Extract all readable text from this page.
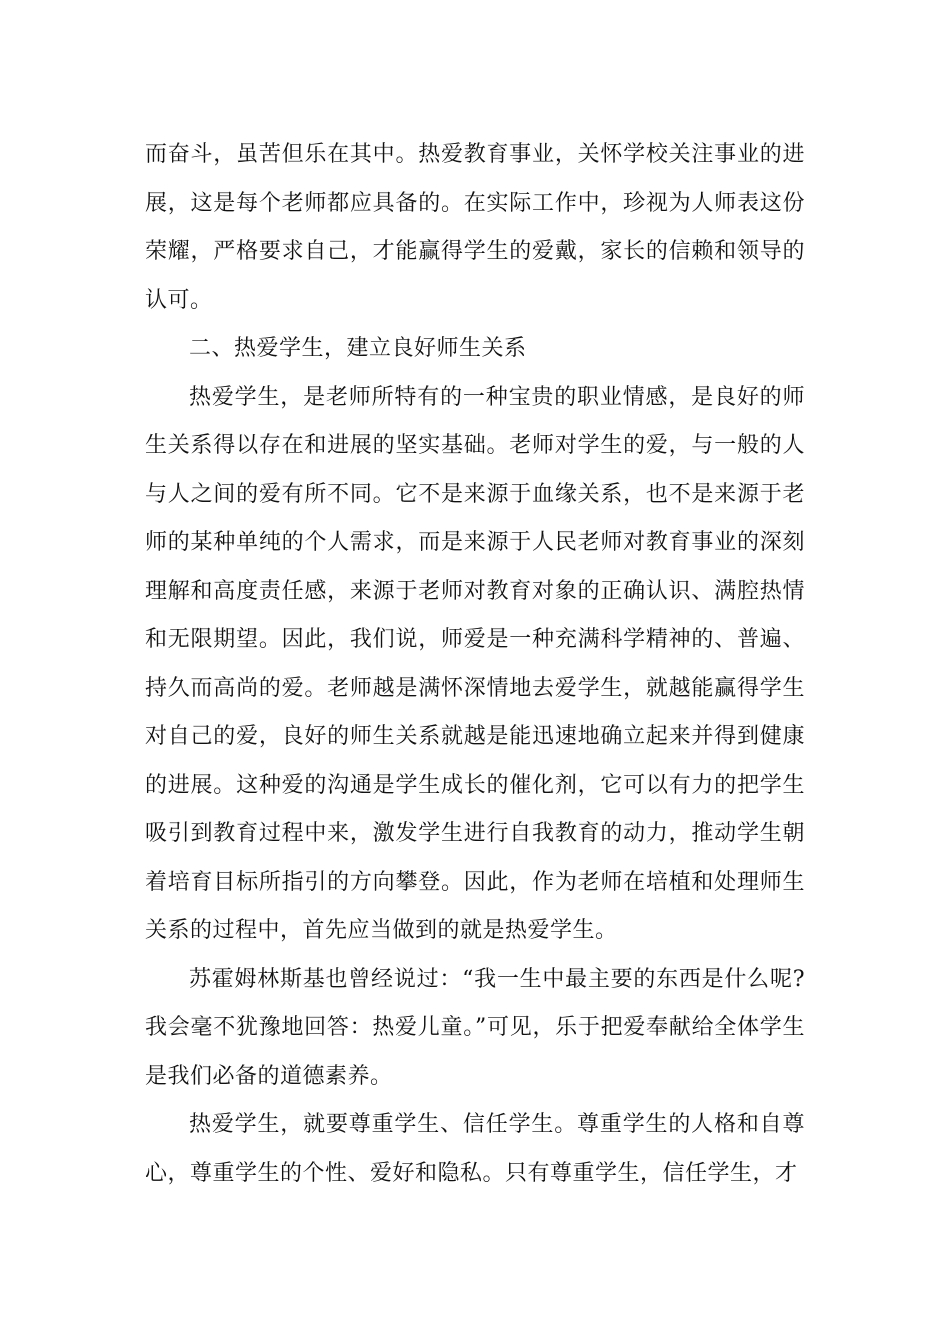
而奋斗，虽苦但乐在其中。热爱教育事业，关怀学校关注事业的进展，这是每个老师都应具备的。在实际工作中，珍视为人师表这份荣耀，严格要求自己，才能赢得学生的爱戴，家长的信赖和领导的认可。

二、热爱学生，建立良好师生关系

热爱学生，是老师所特有的一种宝贵的职业情感，是良好的师生关系得以存在和进展的坚实基础。老师对学生的爱，与一般的人与人之间的爱有所不同。它不是来源于血缘关系，也不是来源于老师的某种单纯的个人需求，而是来源于人民老师对教育事业的深刻理解和高度责任感，来源于老师对教育对象的正确认识、满腔热情和无限期望。因此，我们说，师爱是一种充满科学精神的、普遍、持久而高尚的爱。老师越是满怀深情地去爱学生，就越能赢得学生对自己的爱，良好的师生关系就越是能迅速地确立起来并得到健康的进展。这种爱的沟通是学生成长的催化剂，它可以有力的把学生吸引到教育过程中来，激发学生进行自我教育的动力，推动学生朝着培育目标所指引的方向攀登。因此，作为老师在培植和处理师生关系的过程中，首先应当做到的就是热爱学生。

苏霍姆林斯基也曾经说过：“我一生中最主要的东西是什么呢?我会毫不犹豫地回答：热爱儿童。”可见，乐于把爱奉献给全体学生是我们必备的道德素养。

热爱学生，就要尊重学生、信任学生。尊重学生的人格和自尊心，尊重学生的个性、爱好和隐私。只有尊重学生，信任学生，才
